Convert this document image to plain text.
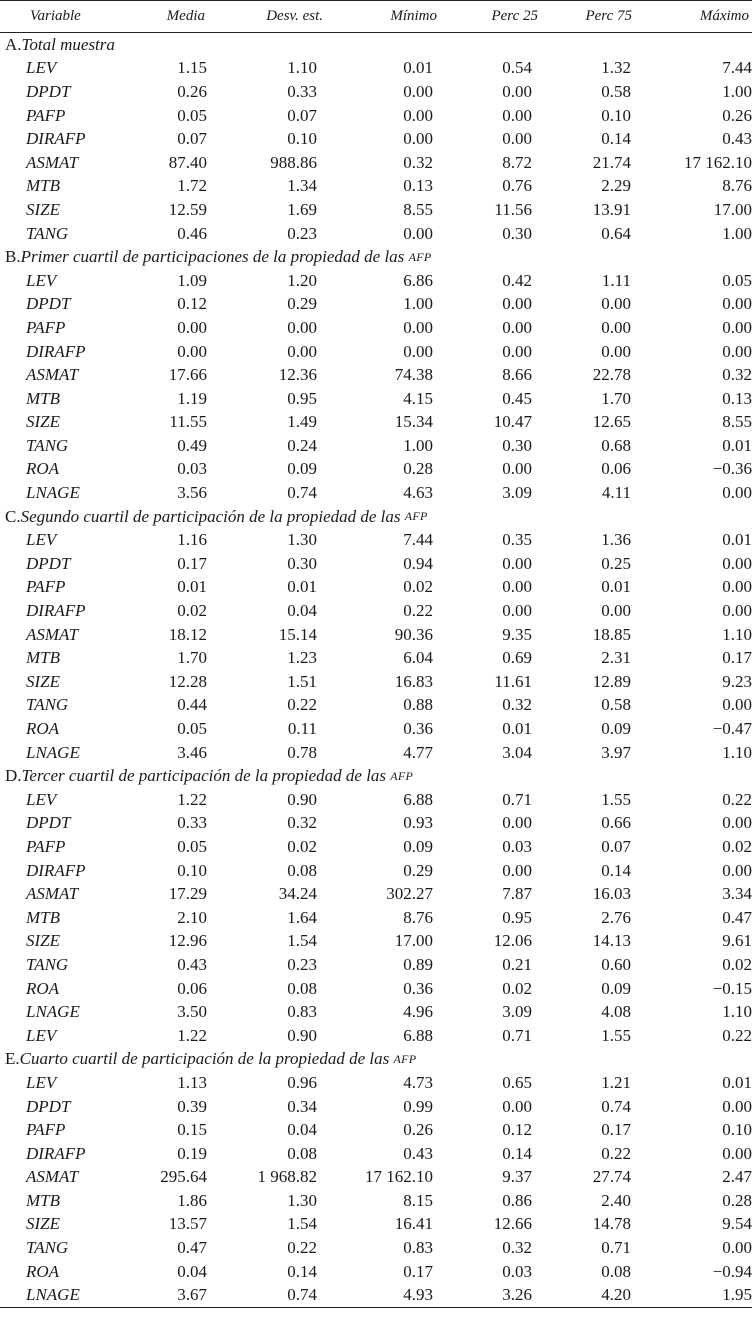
Variable	Media	Desv. est.	Mínimo	Perc 25	Perc 75	Máximo
A. Total muestra
LEV	1.15	1.10	0.01	0.54	1.32	7.44
DPDT	0.26	0.33	0.00	0.00	0.58	1.00
PAFP	0.05	0.07	0.00	0.00	0.10	0.26
DIRAFP	0.07	0.10	0.00	0.00	0.14	0.43
ASMAT	87.40	988.86	0.32	8.72	21.74	17 162.10
MTB	1.72	1.34	0.13	0.76	2.29	8.76
SIZE	12.59	1.69	8.55	11.56	13.91	17.00
TANG	0.46	0.23	0.00	0.30	0.64	1.00
B. Primer cuartil de participaciones de la propiedad de las AFP
LEV	1.09	1.20	6.86	0.42	1.11	0.05
DPDT	0.12	0.29	1.00	0.00	0.00	0.00
PAFP	0.00	0.00	0.00	0.00	0.00	0.00
DIRAFP	0.00	0.00	0.00	0.00	0.00	0.00
ASMAT	17.66	12.36	74.38	8.66	22.78	0.32
MTB	1.19	0.95	4.15	0.45	1.70	0.13
SIZE	11.55	1.49	15.34	10.47	12.65	8.55
TANG	0.49	0.24	1.00	0.30	0.68	0.01
ROA	0.03	0.09	0.28	0.00	0.06	−0.36
LNAGE	3.56	0.74	4.63	3.09	4.11	0.00
C. Segundo cuartil de participación de la propiedad de las AFP
LEV	1.16	1.30	7.44	0.35	1.36	0.01
DPDT	0.17	0.30	0.94	0.00	0.25	0.00
PAFP	0.01	0.01	0.02	0.00	0.01	0.00
DIRAFP	0.02	0.04	0.22	0.00	0.00	0.00
ASMAT	18.12	15.14	90.36	9.35	18.85	1.10
MTB	1.70	1.23	6.04	0.69	2.31	0.17
SIZE	12.28	1.51	16.83	11.61	12.89	9.23
TANG	0.44	0.22	0.88	0.32	0.58	0.00
ROA	0.05	0.11	0.36	0.01	0.09	−0.47
LNAGE	3.46	0.78	4.77	3.04	3.97	1.10
D. Tercer cuartil de participación de la propiedad de las AFP
LEV	1.22	0.90	6.88	0.71	1.55	0.22
DPDT	0.33	0.32	0.93	0.00	0.66	0.00
PAFP	0.05	0.02	0.09	0.03	0.07	0.02
DIRAFP	0.10	0.08	0.29	0.00	0.14	0.00
ASMAT	17.29	34.24	302.27	7.87	16.03	3.34
MTB	2.10	1.64	8.76	0.95	2.76	0.47
SIZE	12.96	1.54	17.00	12.06	14.13	9.61
TANG	0.43	0.23	0.89	0.21	0.60	0.02
ROA	0.06	0.08	0.36	0.02	0.09	−0.15
LNAGE	3.50	0.83	4.96	3.09	4.08	1.10
LEV	1.22	0.90	6.88	0.71	1.55	0.22
E. Cuarto cuartil de participación de la propiedad de las AFP
LEV	1.13	0.96	4.73	0.65	1.21	0.01
DPDT	0.39	0.34	0.99	0.00	0.74	0.00
PAFP	0.15	0.04	0.26	0.12	0.17	0.10
DIRAFP	0.19	0.08	0.43	0.14	0.22	0.00
ASMAT	295.64	1 968.82	17 162.10	9.37	27.74	2.47
MTB	1.86	1.30	8.15	0.86	2.40	0.28
SIZE	13.57	1.54	16.41	12.66	14.78	9.54
TANG	0.47	0.22	0.83	0.32	0.71	0.00
ROA	0.04	0.14	0.17	0.03	0.08	−0.94
LNAGE	3.67	0.74	4.93	3.26	4.20	1.95
